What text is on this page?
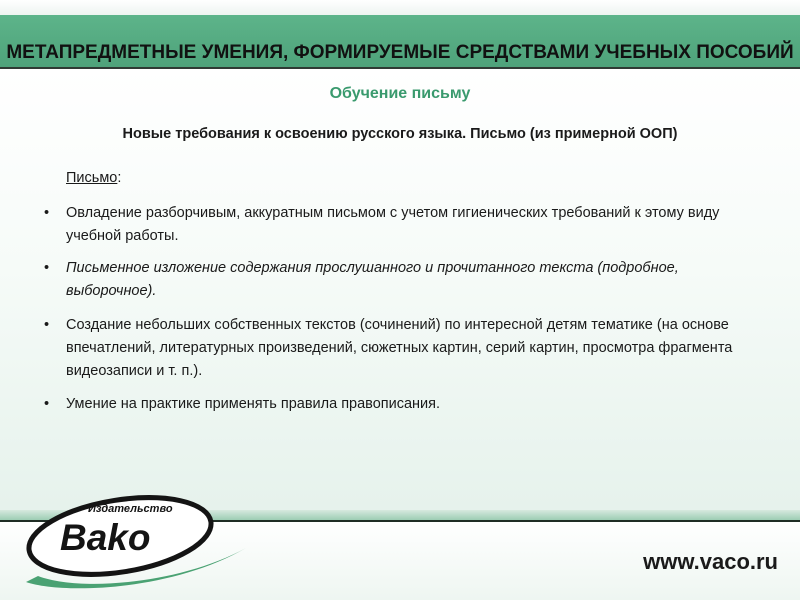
МЕТАПРЕДМЕТНЫЕ УМЕНИЯ, ФОРМИРУЕМЫЕ СРЕДСТВАМИ УЧЕБНЫХ ПОСОБИЙ
Обучение письму
Новые требования к освоению русского языка. Письмо (из примерной ООП)
Письмо:
•	Овладение разборчивым, аккуратным письмом с учетом гигиенических требований к этому виду учебной работы.
•	Письменное изложение содержания прослушанного и прочитанного текста (подробное, выборочное).
•	Создание небольших собственных текстов (сочинений) по интересной детям тематике (на основе впечатлений, литературных произведений, сюжетных картин, серий картин, просмотра фрагмента видеозаписи и т. п.).
•	Умение на практике применять правила правописания.
Издательство
Bako
www.vaco.ru
